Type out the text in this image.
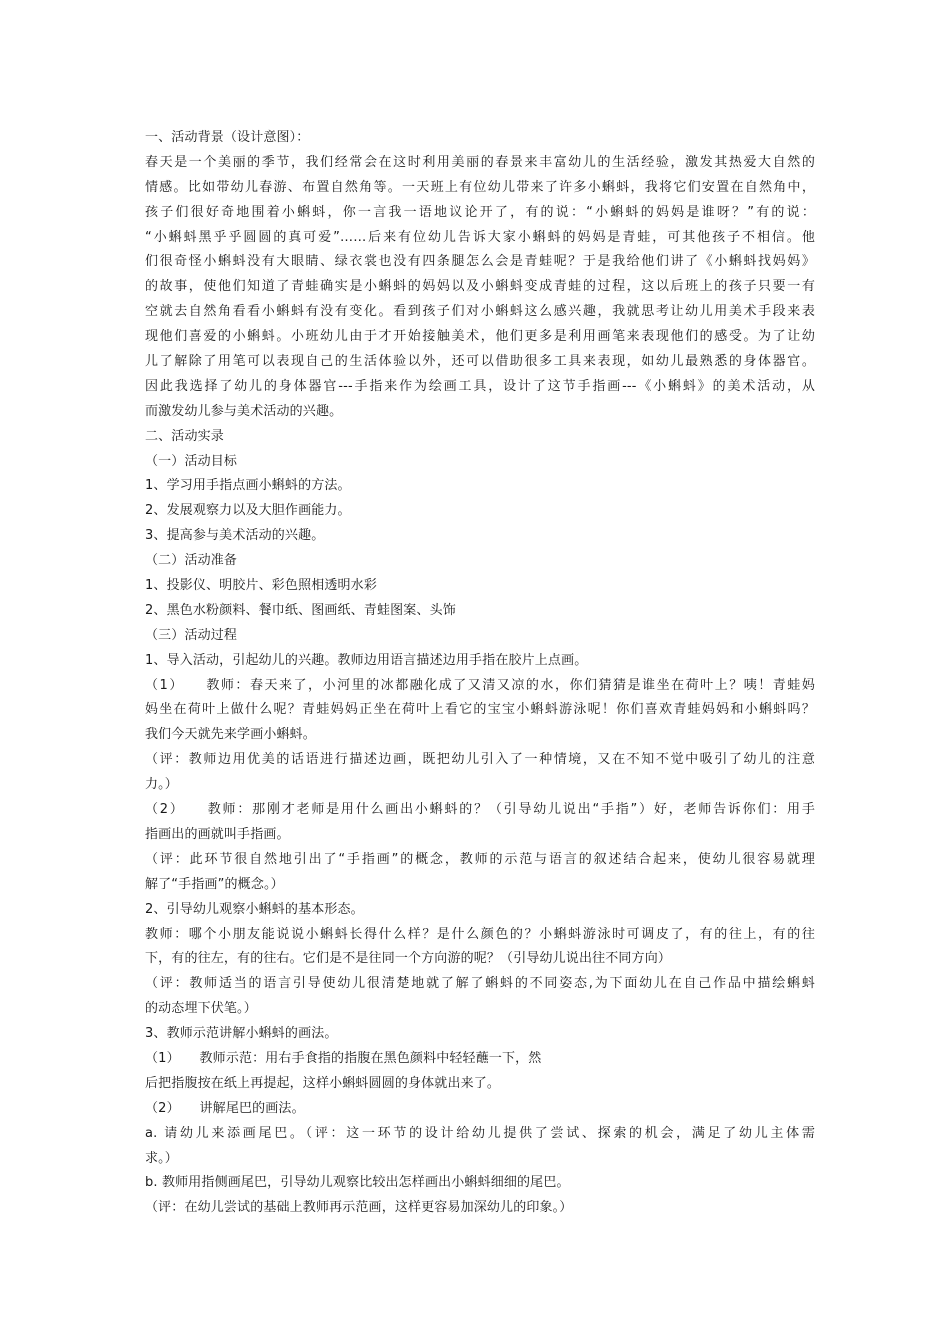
一、活动背景（设计意图）：
春天是一个美丽的季节，我们经常会在这时利用美丽的春景来丰富幼儿的生活经验，激发其热爱大自然的
情感。比如带幼儿春游、布置自然角等。一天班上有位幼儿带来了许多小蝌蚪，我将它们安置在自然角中，
孩子们很好奇地围着小蝌蚪，你一言我一语地议论开了，有的说：“小蝌蚪的妈妈是谁呀？”有的说：
“小蝌蚪黑乎乎圆圆的真可爱”……后来有位幼儿告诉大家小蝌蚪的妈妈是青蛙，可其他孩子不相信。他
们很奇怪小蝌蚪没有大眼睛、绿衣裳也没有四条腿怎么会是青蛙呢？于是我给他们讲了《小蝌蚪找妈妈》
的故事，使他们知道了青蛙确实是小蝌蚪的妈妈以及小蝌蚪变成青蛙的过程，这以后班上的孩子只要一有
空就去自然角看看小蝌蚪有没有变化。看到孩子们对小蝌蚪这么感兴趣，我就思考让幼儿用美术手段来表
现他们喜爱的小蝌蚪。小班幼儿由于才开始接触美术，他们更多是利用画笔来表现他们的感受。为了让幼
儿了解除了用笔可以表现自己的生活体验以外，还可以借助很多工具来表现，如幼儿最熟悉的身体器官。
因此我选择了幼儿的身体器官---手指来作为绘画工具，设计了这节手指画---《小蝌蚪》的美术活动，从
而激发幼儿参与美术活动的兴趣。
二、活动实录
（一）活动目标
1、学习用手指点画小蝌蚪的方法。
2、发展观察力以及大胆作画能力。
3、提高参与美术活动的兴趣。
（二）活动准备
1、投影仪、明胶片、彩色照相透明水彩
2、黑色水粉颜料、餐巾纸、图画纸、青蛙图案、头饰
（三）活动过程
1、导入活动，引起幼儿的兴趣。教师边用语言描述边用手指在胶片上点画。
（1）　　教师：春天来了，小河里的冰都融化成了又清又凉的水，你们猜猜是谁坐在荷叶上？咦！青蛙妈
妈坐在荷叶上做什么呢？青蛙妈妈正坐在荷叶上看它的宝宝小蝌蚪游泳呢！你们喜欢青蛙妈妈和小蝌蚪吗？
我们今天就先来学画小蝌蚪。
（评：教师边用优美的话语进行描述边画，既把幼儿引入了一种情境，又在不知不觉中吸引了幼儿的注意
力。）
（2）　　教师：那刚才老师是用什么画出小蝌蚪的？（引导幼儿说出“手指”）好，老师告诉你们：用手
指画出的画就叫手指画。
（评：此环节很自然地引出了“手指画”的概念，教师的示范与语言的叙述结合起来，使幼儿很容易就理
解了“手指画”的概念。）
2、引导幼儿观察小蝌蚪的基本形态。
教师：哪个小朋友能说说小蝌蚪长得什么样？是什么颜色的？小蝌蚪游泳时可调皮了，有的往上，有的往
下，有的往左，有的往右。它们是不是往同一个方向游的呢？（引导幼儿说出往不同方向）
（评：教师适当的语言引导使幼儿很清楚地就了解了蝌蚪的不同姿态,为下面幼儿在自己作品中描绘蝌蚪
的动态埋下伏笔。）
3、教师示范讲解小蝌蚪的画法。
（1）　　教师示范：用右手食指的指腹在黑色颜料中轻轻蘸一下，然
后把指腹按在纸上再提起，这样小蝌蚪圆圆的身体就出来了。
（2）　　讲解尾巴的画法。
a. 请幼儿来添画尾巴。（评：这一环节的设计给幼儿提供了尝试、探索的机会，满足了幼儿主体需
求。）
b. 教师用指侧画尾巴，引导幼儿观察比较出怎样画出小蝌蚪细细的尾巴。
（评：在幼儿尝试的基础上教师再示范画，这样更容易加深幼儿的印象。）
